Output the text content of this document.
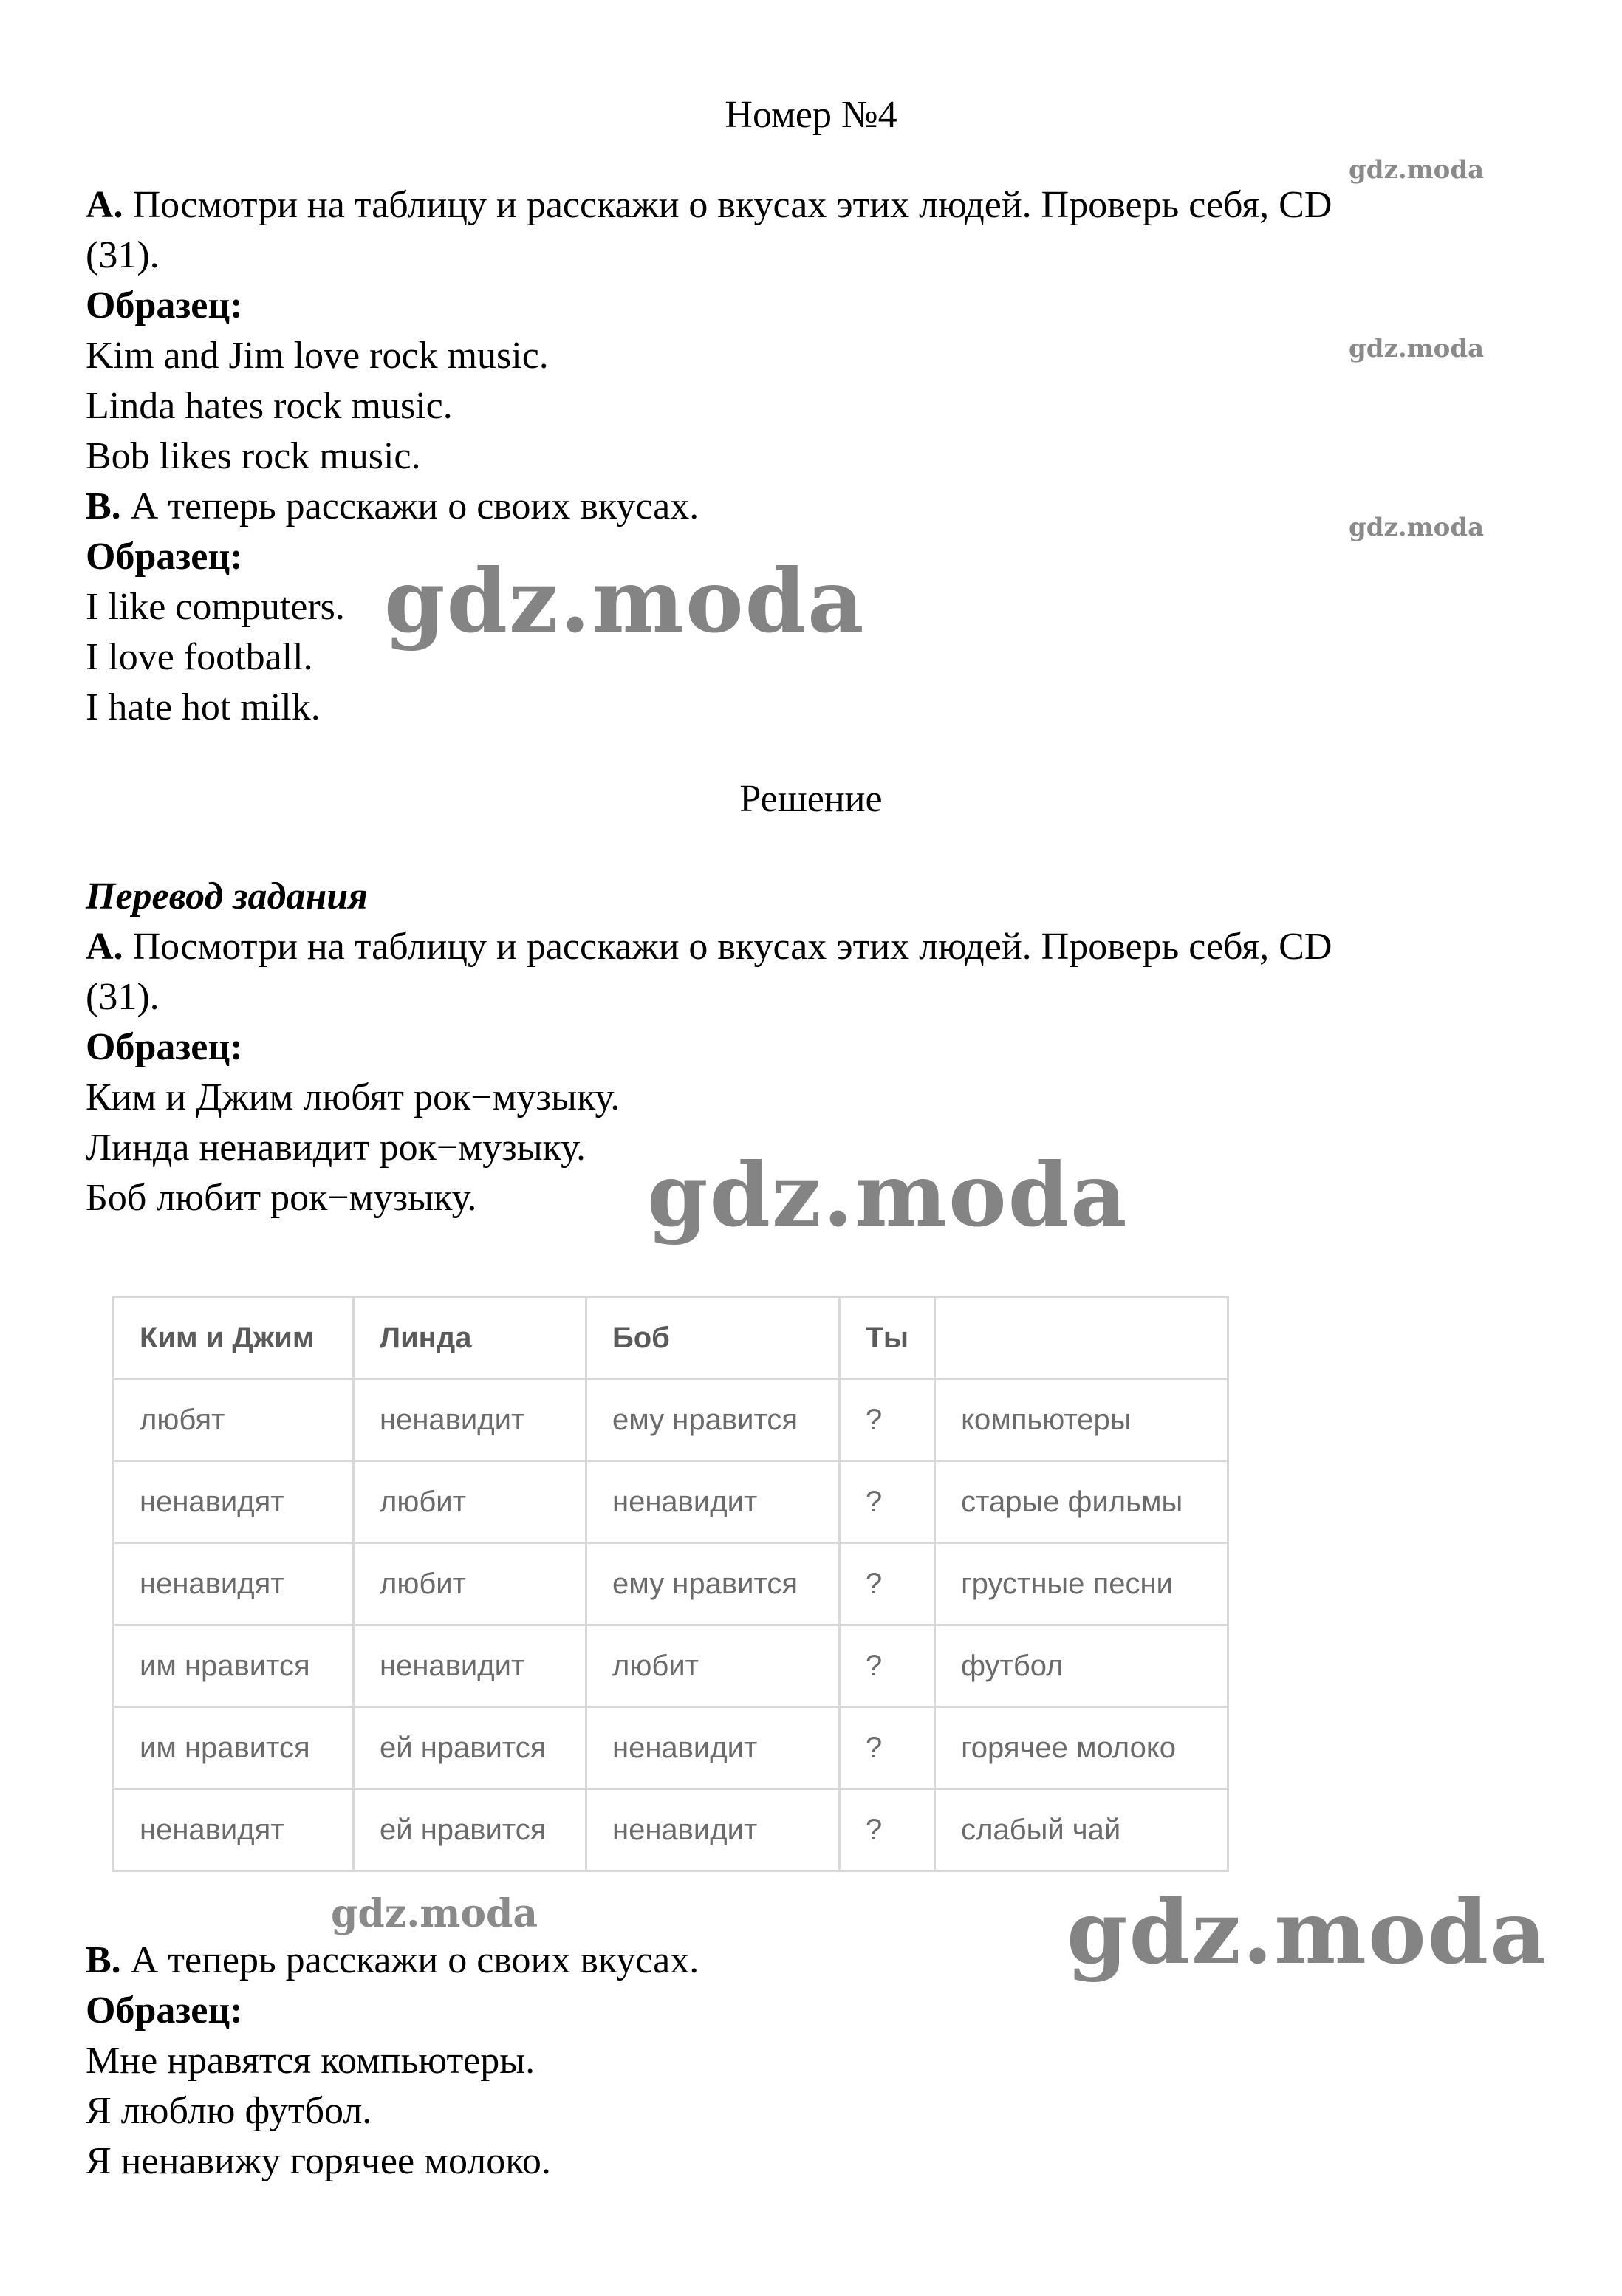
Номер №4

A. Посмотри на таблицу и расскажи о вкусах этих людей. Проверь себя, CD

(31).

Образец:

Kim and Jim love rock music.

Linda hates rock music.

Bob likes rock music.

B. А теперь расскажи о своих вкусах.

Образец:

I like computers.

I love football.

I hate hot milk.

Решение

Перевод задания

A. Посмотри на таблицу и расскажи о вкусах этих людей. Проверь себя, CD

(31).

Образец:

Ким и Джим любят рок−музыку.

Линда ненавидит рок−музыку.

Боб любит рок−музыку.

Ким и Джим	Линда	Боб	Ты	
любят	ненавидит	ему нравится	?	компьютеры
ненавидят	любит	ненавидит	?	старые фильмы
ненавидят	любит	ему нравится	?	грустные песни
им нравится	ненавидит	любит	?	футбол
им нравится	ей нравится	ненавидит	?	горячее молоко
ненавидят	ей нравится	ненавидит	?	слабый чай

B. А теперь расскажи о своих вкусах.

Образец:

Мне нравятся компьютеры.

Я люблю футбол.

Я ненавижу горячее молоко.

gdz.moda
gdz.moda
gdz.moda
gdz.moda
gdz.moda
gdz.moda	gdz.moda
